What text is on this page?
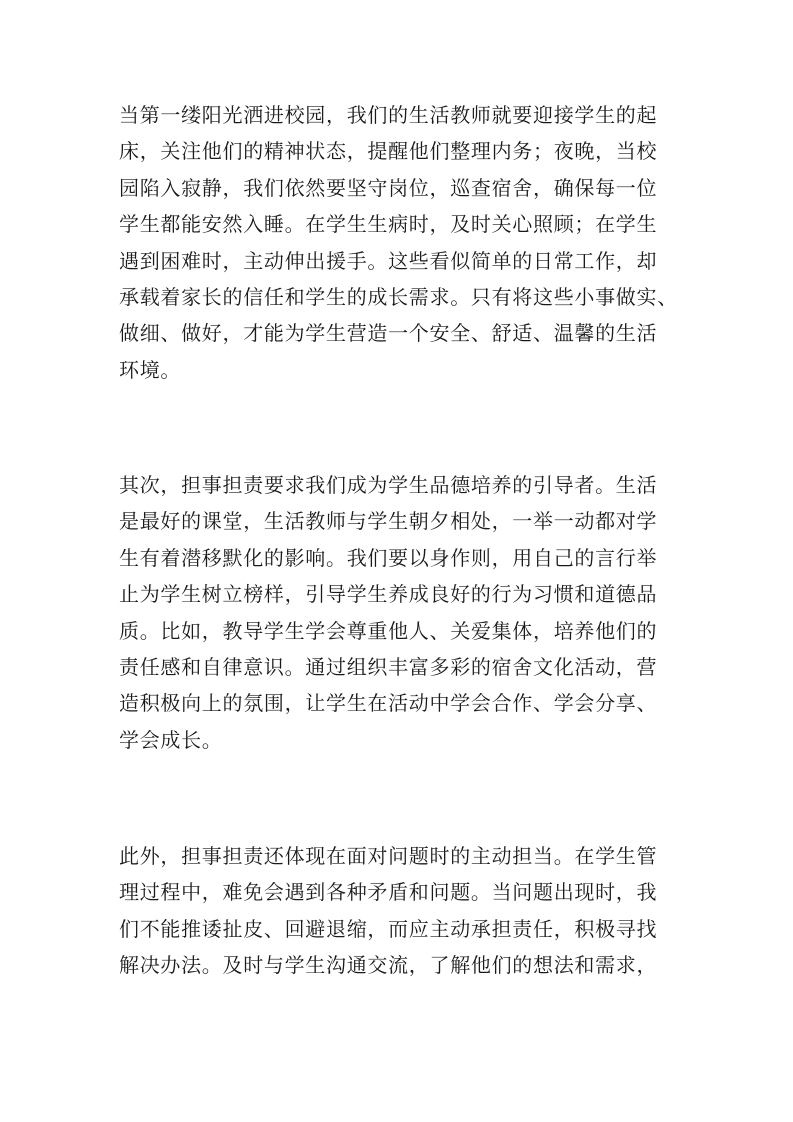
当第一缕阳光洒进校园，我们的生活教师就要迎接学生的起
床，关注他们的精神状态，提醒他们整理内务；夜晚，当校
园陷入寂静，我们依然要坚守岗位，巡查宿舍，确保每一位
学生都能安然入睡。在学生生病时，及时关心照顾；在学生
遇到困难时，主动伸出援手。这些看似简单的日常工作，却
承载着家长的信任和学生的成长需求。只有将这些小事做实、
做细、做好，才能为学生营造一个安全、舒适、温馨的生活
环境。
其次，担事担责要求我们成为学生品德培养的引导者。生活
是最好的课堂，生活教师与学生朝夕相处，一举一动都对学
生有着潜移默化的影响。我们要以身作则，用自己的言行举
止为学生树立榜样，引导学生养成良好的行为习惯和道德品
质。比如，教导学生学会尊重他人、关爱集体，培养他们的
责任感和自律意识。通过组织丰富多彩的宿舍文化活动，营
造积极向上的氛围，让学生在活动中学会合作、学会分享、
学会成长。
此外，担事担责还体现在面对问题时的主动担当。在学生管
理过程中，难免会遇到各种矛盾和问题。当问题出现时，我
们不能推诿扯皮、回避退缩，而应主动承担责任，积极寻找
解决办法。及时与学生沟通交流，了解他们的想法和需求，
